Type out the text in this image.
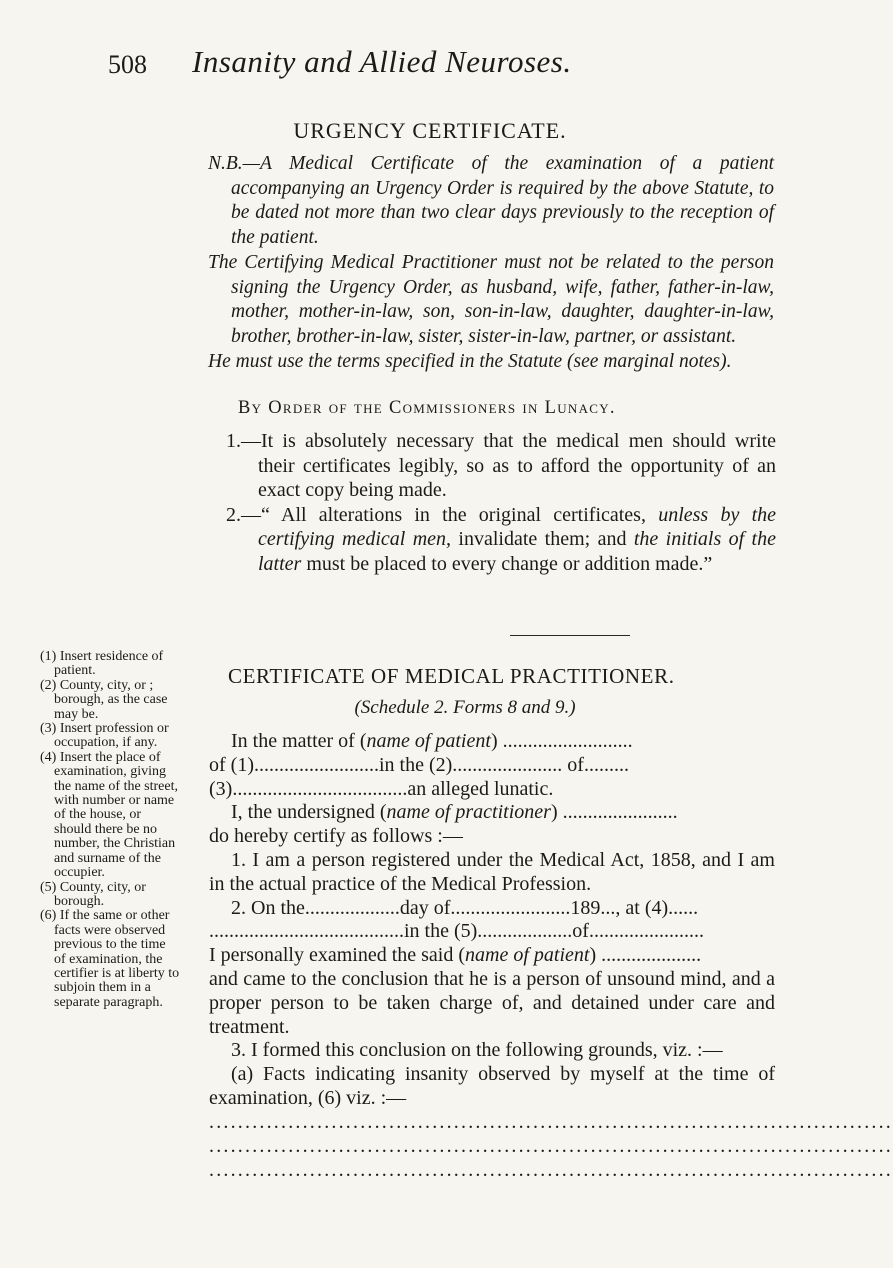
508 Insanity and Allied Neuroses.
URGENCY CERTIFICATE.

N.B.—A Medical Certificate of the examination of a patient accompanying an Urgency Order is required by the above Statute, to be dated not more than two clear days previously to the reception of the patient.

The Certifying Medical Practitioner must not be related to the person signing the Urgency Order, as husband, wife, father, father-in-law, mother, mother-in-law, son, son-in-law, daughter, daughter-in-law, brother, brother-in-law, sister, sister-in-law, partner, or assistant.

He must use the terms specified in the Statute (see marginal notes).

By Order of the Commissioners in Lunacy.

1.—It is absolutely necessary that the medical men should write their certificates legibly, so as to afford the opportunity of an exact copy being made.

2.—“ All alterations in the original certificates, unless by the certifying medical men, invalidate them; and the initials of the latter must be placed to every change or addition made.”

CERTIFICATE OF MEDICAL PRACTITIONER.
(Schedule 2. Forms 8 and 9.)

In the matter of (name of patient) ..........................

of (1).........................in the (2)...................... of.........

(3)...................................an alleged lunatic.

I, the undersigned (name of practitioner) .......................

do hereby certify as follows :—

1. I am a person registered under the Medical Act, 1858, and I am in the actual practice of the Medical Profession.

2. On the...................day of........................189..., at (4)......

.......................................in the (5)...................of.......................

I personally examined the said (name of patient) ....................

and came to the conclusion that he is a person of unsound mind, and a proper person to be taken charge of, and detained under care and treatment.

3. I formed this conclusion on the following grounds, viz. :—

(a) Facts indicating insanity observed by myself at the time of examination, (6) viz. :—

...............................................................................................
...............................................................................................
...............................................................................................

(1) Insert residence of patient.

(2) County, city, or ; borough, as the case may be.

(3) Insert profession or occupation, if any.

(4) Insert the place of examination, giving the name of the street, with number or name of the house, or should there be no number, the Christian and surname of the occupier.

(5) County, city, or borough.

(6) If the same or other facts were observed previous to the time of examination, the certifier is at liberty to subjoin them in a separate paragraph.
